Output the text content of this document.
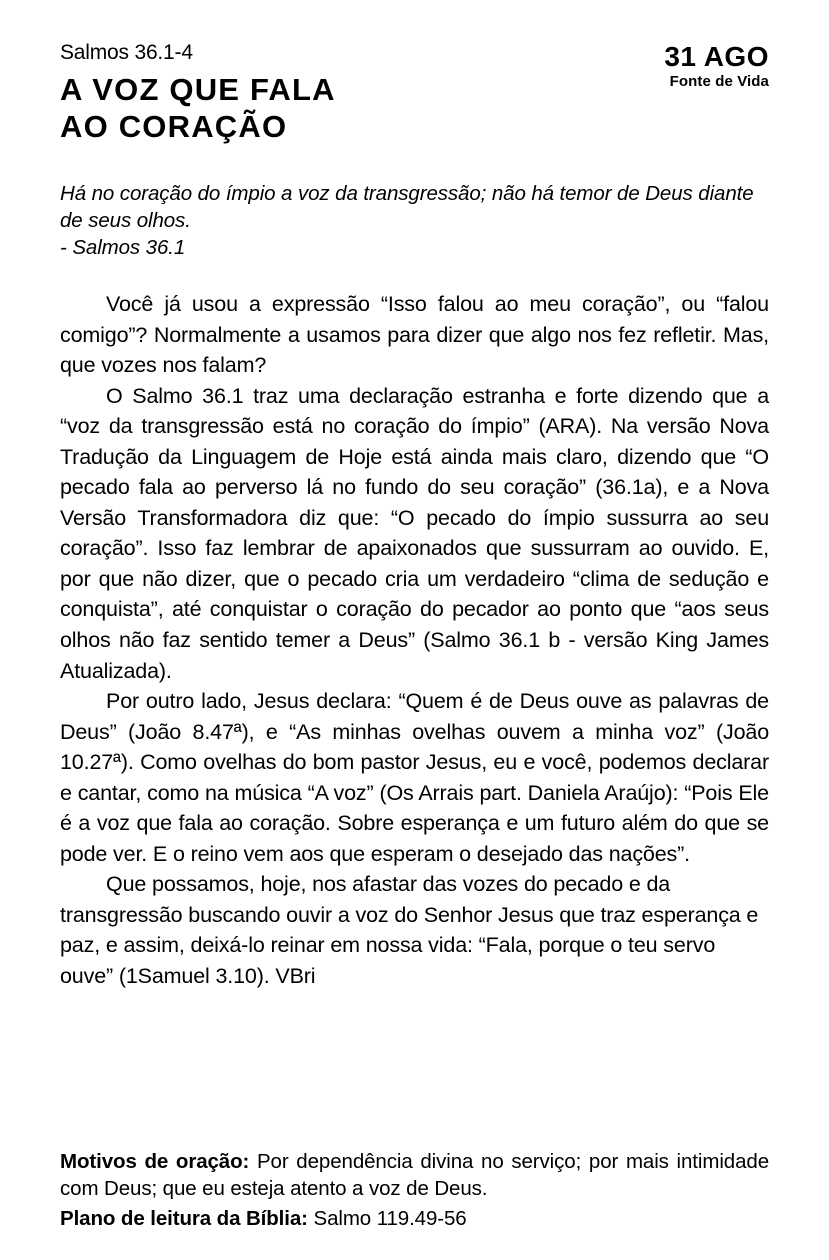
Salmos 36.1-4
A VOZ QUE FALA
AO CORAÇÃO
31 AGO
Fonte de Vida
Há no coração do ímpio a voz da transgressão; não há temor de Deus diante de seus olhos.
- Salmos 36.1

Você já usou a expressão “Isso falou ao meu coração”, ou “falou comigo”? Normalmente a usamos para dizer que algo nos fez refletir. Mas, que vozes nos falam?

O Salmo 36.1 traz uma declaração estranha e forte dizendo que a “voz da transgressão está no coração do ímpio” (ARA). Na versão Nova Tradução da Linguagem de Hoje está ainda mais claro, dizendo que “O pecado fala ao perverso lá no fundo do seu coração” (36.1a), e a Nova Versão Transformadora diz que: “O pecado do ímpio sussurra ao seu coração”. Isso faz lembrar de apaixonados que sussurram ao ouvido. E, por que não dizer, que o pecado cria um verdadeiro “clima de sedução e conquista”, até conquistar o coração do pecador ao ponto que “aos seus olhos não faz sentido temer a Deus” (Salmo 36.1 b - versão King James Atualizada).

Por outro lado, Jesus declara: “Quem é de Deus ouve as palavras de Deus” (João 8.47ª), e “As minhas ovelhas ouvem a minha voz” (João 10.27ª). Como ovelhas do bom pastor Jesus, eu e você, podemos declarar e cantar, como na música “A voz” (Os Arrais part. Daniela Araújo): “Pois Ele é a voz que fala ao coração. Sobre esperança e um futuro além do que se pode ver. E o reino vem aos que esperam o desejado das nações”.

Que possamos, hoje, nos afastar das vozes do pecado e da transgressão buscando ouvir a voz do Senhor Jesus que traz esperança e paz, e assim, deixá-lo reinar em nossa vida: “Fala, porque o teu servo ouve” (1Samuel 3.10). VBri

Motivos de oração: Por dependência divina no serviço; por mais intimidade com Deus; que eu esteja atento a voz de Deus.
Plano de leitura da Bíblia: Salmo 119.49-56
